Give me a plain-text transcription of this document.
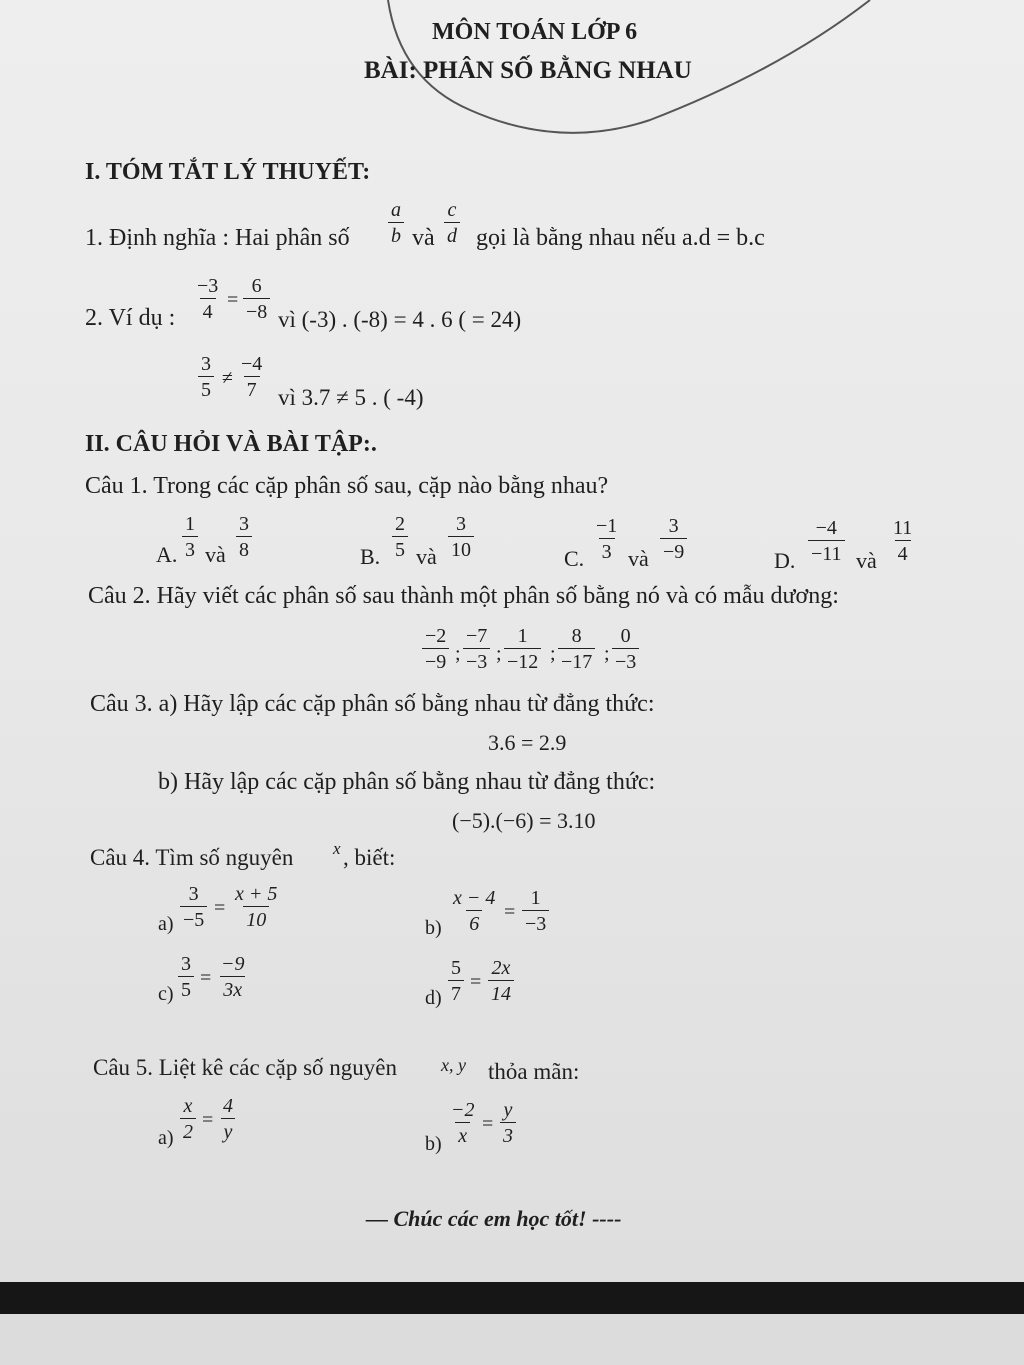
MÔN TOÁN LỚP 6
BÀI: PHÂN SỐ BẰNG NHAU
I. TÓM TẮT LÝ THUYẾT:
1. Định nghĩa : Hai phân số $\frac{a}{b}$ và $\frac{c}{d}$ gọi là bằng nhau nếu a.d = b.c
2. Ví dụ : $\frac{-3}{4} = \frac{6}{-8}$ vì (-3) . (-8) = 4 . 6 ( = 24)
$\frac{3}{5} \ne \frac{-4}{7}$ vì 3.7 ≠ 5 . ( -4)
II. CÂU HỎI VÀ BÀI TẬP:.
Câu 1. Trong các cặp phân số sau, cặp nào bằng nhau?
A. $\frac{1}{3}$ và $\frac{3}{8}$	B. $\frac{2}{5}$ và $\frac{3}{10}$	C. $\frac{-1}{3}$ và $\frac{3}{-9}$	D. $\frac{-4}{-11}$ và $\frac{11}{4}$
Câu 2. Hãy viết các phân số sau thành một phân số bằng nó và có mẫu dương:
$\frac{-2}{-9}$ ; $\frac{-7}{-3}$ ; $\frac{1}{-12}$ ; $\frac{8}{-17}$ ; $\frac{0}{-3}$
Câu 3. a) Hãy lập các cặp phân số bằng nhau từ đẳng thức:
3.6 = 2.9
b) Hãy lập các cặp phân số bằng nhau từ đẳng thức:
(−5).(−6) = 3.10
Câu 4. Tìm số nguyên x , biết:
$a) \frac{3}{-5} = \frac{x + 5}{10}$	$b) \frac{x - 4}{6} = \frac{1}{-3}$
$c) \frac{3}{5} = \frac{-9}{3x}$	$d) \frac{5}{7} = \frac{2x}{14}$
Câu 5. Liệt kê các cặp số nguyên x, y thỏa mãn:
$a) \frac{x}{2} = \frac{4}{y}$
$b) \frac{-2}{x} = \frac{y}{3}$
— Chúc các em học tốt! ----
